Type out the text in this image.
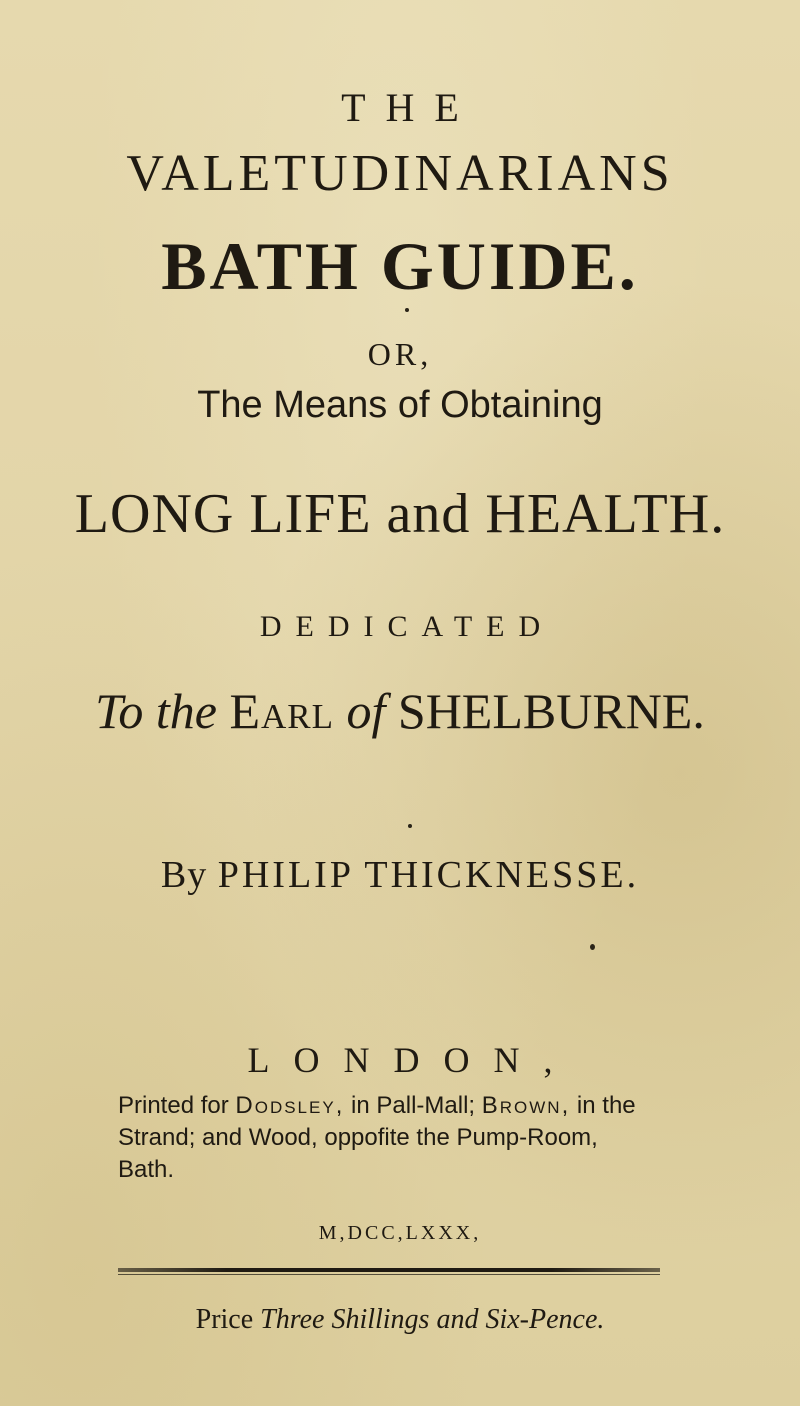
THE
VALETUDINARIANS
BATH GUIDE.
OR,
The Means of Obtaining
LONG LIFE and HEALTH.
DEDICATED
To the Earl of SHELBURNE.
By PHILIP THICKNESSE.
LONDON,
Printed for Dodsley, in Pall-Mall; Brown, in the
Strand; and Wood, oppofite the Pump-Room,
Bath.
M,DCC,LXXX,
Price Three Shillings and Six-Pence.
